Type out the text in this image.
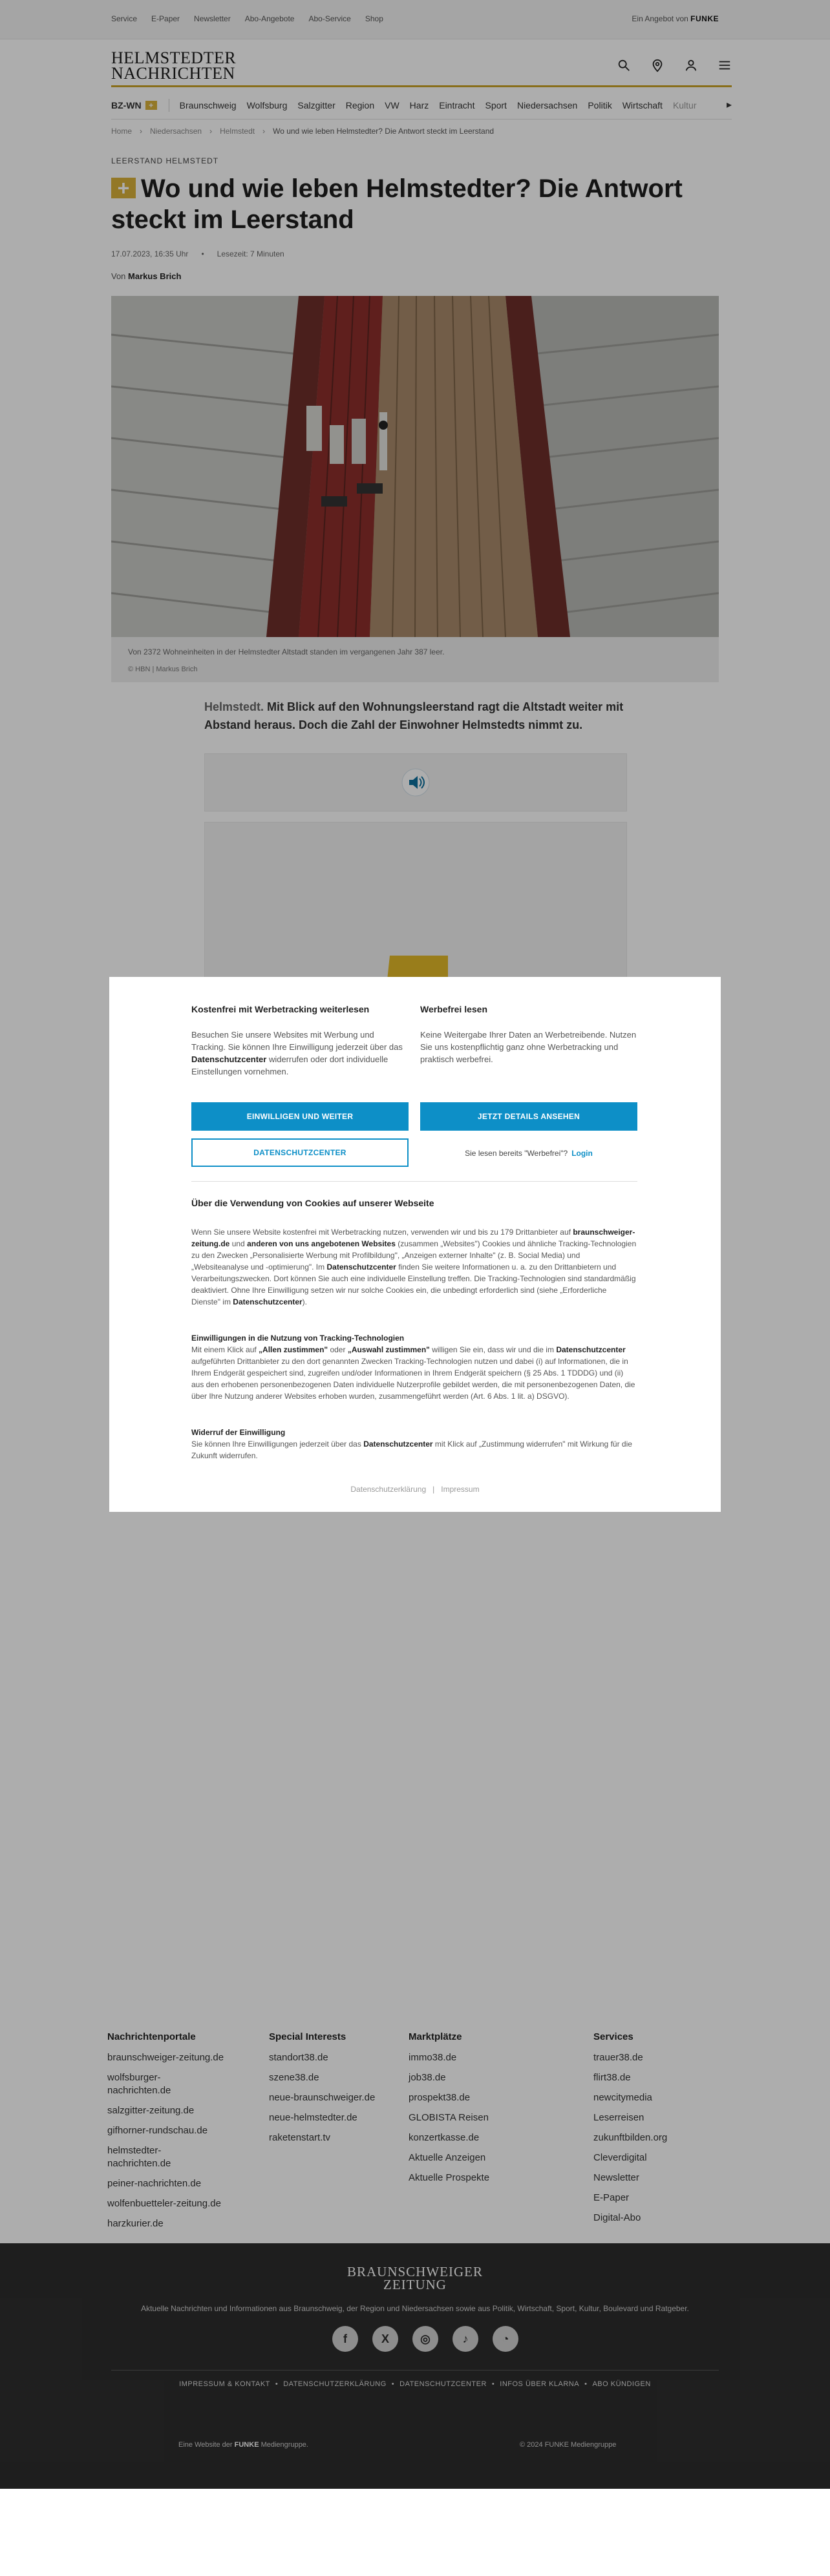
Service E-Paper Newsletter Abo-Angebote Abo-Service Shop	Ein Angebot von FUNKE
HELMSTEDTER
NACHRICHTEN
BZ-WN +	Braunschweig Wolfsburg Salzgitter Region VW Harz Eintracht Sport Niedersachsen Politik Wirtschaft Kultur	▸
Home › Niedersachsen › Helmstedt › Wo und wie leben Helmstedter? Die Antwort steckt im Leerstand
LEERSTAND HELMSTEDT
+ Wo und wie leben Helmstedter? Die Antwort steckt im Leerstand
17.07.2023, 16:35 Uhr • Lesezeit: 7 Minuten
Von Markus Brich
Von 2372 Wohneinheiten in der Helmstedter Altstadt standen im vergangenen Jahr 387 leer.
© HBN | Markus Brich
Helmstedt. Mit Blick auf den Wohnungsleerstand ragt die Altstadt weiter mit Abstand heraus. Doch die Zahl der Einwohner Helmstedts nimmt zu.
Nachrichtenportale
braunschweiger-zeitung.de
wolfsburger-nachrichten.de
salzgitter-zeitung.de
gifhorner-rundschau.de
helmstedter-nachrichten.de
peiner-nachrichten.de
wolfenbuetteler-zeitung.de
harzkurier.de
Special Interests
standort38.de
szene38.de
neue-braunschweiger.de
neue-helmstedter.de
raketenstart.tv
Marktplätze
immo38.de
job38.de
prospekt38.de
GLOBISTA Reisen
konzertkasse.de
Aktuelle Anzeigen
Aktuelle Prospekte
Services
trauer38.de
flirt38.de
newcitymedia
Leserreisen
zukunftbilden.org
Cleverdigital
Newsletter
E-Paper
Digital-Abo
BRAUNSCHWEIGER
ZEITUNG
Aktuelle Nachrichten und Informationen aus Braunschweig, der Region und Niedersachsen sowie aus Politik, Wirtschaft, Sport, Kultur, Boulevard und Ratgeber.
f	X	◎	♪	◔
IMPRESSUM & KONTAKT • DATENSCHUTZERKLÄRUNG • DATENSCHUTZCENTER • INFOS ÜBER KLARNA • ABO KÜNDIGEN
Eine Website der FUNKE Mediengruppe.	© 2024 FUNKE Mediengruppe
Kostenfrei mit Werbetracking weiterlesen

Besuchen Sie unsere Websites mit Werbung und Tracking. Sie können Ihre Einwilligung jederzeit über das Datenschutzcenter widerrufen oder dort individuelle Einstellungen vornehmen.

Werbefrei lesen

Keine Weitergabe Ihrer Daten an Werbetreibende. Nutzen Sie uns kostenpflichtig ganz ohne Werbetracking und praktisch werbefrei.

EINWILLIGEN UND WEITER	JETZT DETAILS ANSEHEN
DATENSCHUTZCENTER	Sie lesen bereits "Werbefrei"? Login
Über die Verwendung von Cookies auf unserer Webseite
Wenn Sie unsere Website kostenfrei mit Werbetracking nutzen, verwenden wir und bis zu 179 Drittanbieter auf braunschweiger-zeitung.de und anderen von uns angebotenen Websites (zusammen „Websites") Cookies und ähnliche Tracking-Technologien zu den Zwecken „Personalisierte Werbung mit Profilbildung", „Anzeigen externer Inhalte" (z. B. Social Media) und „Websiteanalyse und -optimierung". Im Datenschutzcenter finden Sie weitere Informationen u. a. zu den Drittanbietern und Verarbeitungszwecken. Dort können Sie auch eine individuelle Einstellung treffen. Die Tracking-Technologien sind standardmäßig deaktiviert. Ohne Ihre Einwilligung setzen wir nur solche Cookies ein, die unbedingt erforderlich sind (siehe „Erforderliche Dienste" im Datenschutzcenter).
Einwilligungen in die Nutzung von Tracking-Technologien
Mit einem Klick auf „Allen zustimmen" oder „Auswahl zustimmen" willigen Sie ein, dass wir und die im Datenschutzcenter aufgeführten Drittanbieter zu den dort genannten Zwecken Tracking-Technologien nutzen und dabei (i) auf Informationen, die in Ihrem Endgerät gespeichert sind, zugreifen und/oder Informationen in Ihrem Endgerät speichern (§ 25 Abs. 1 TDDDG) und (ii) aus den erhobenen personenbezogenen Daten individuelle Nutzerprofile gebildet werden, die mit personenbezogenen Daten, die über Ihre Nutzung anderer Websites erhoben wurden, zusammengeführt werden (Art. 6 Abs. 1 lit. a) DSGVO).
Widerruf der Einwilligung
Sie können Ihre Einwilligungen jederzeit über das Datenschutzcenter mit Klick auf „Zustimmung widerrufen" mit Wirkung für die Zukunft widerrufen.
Datenschutzerklärung | Impressum
